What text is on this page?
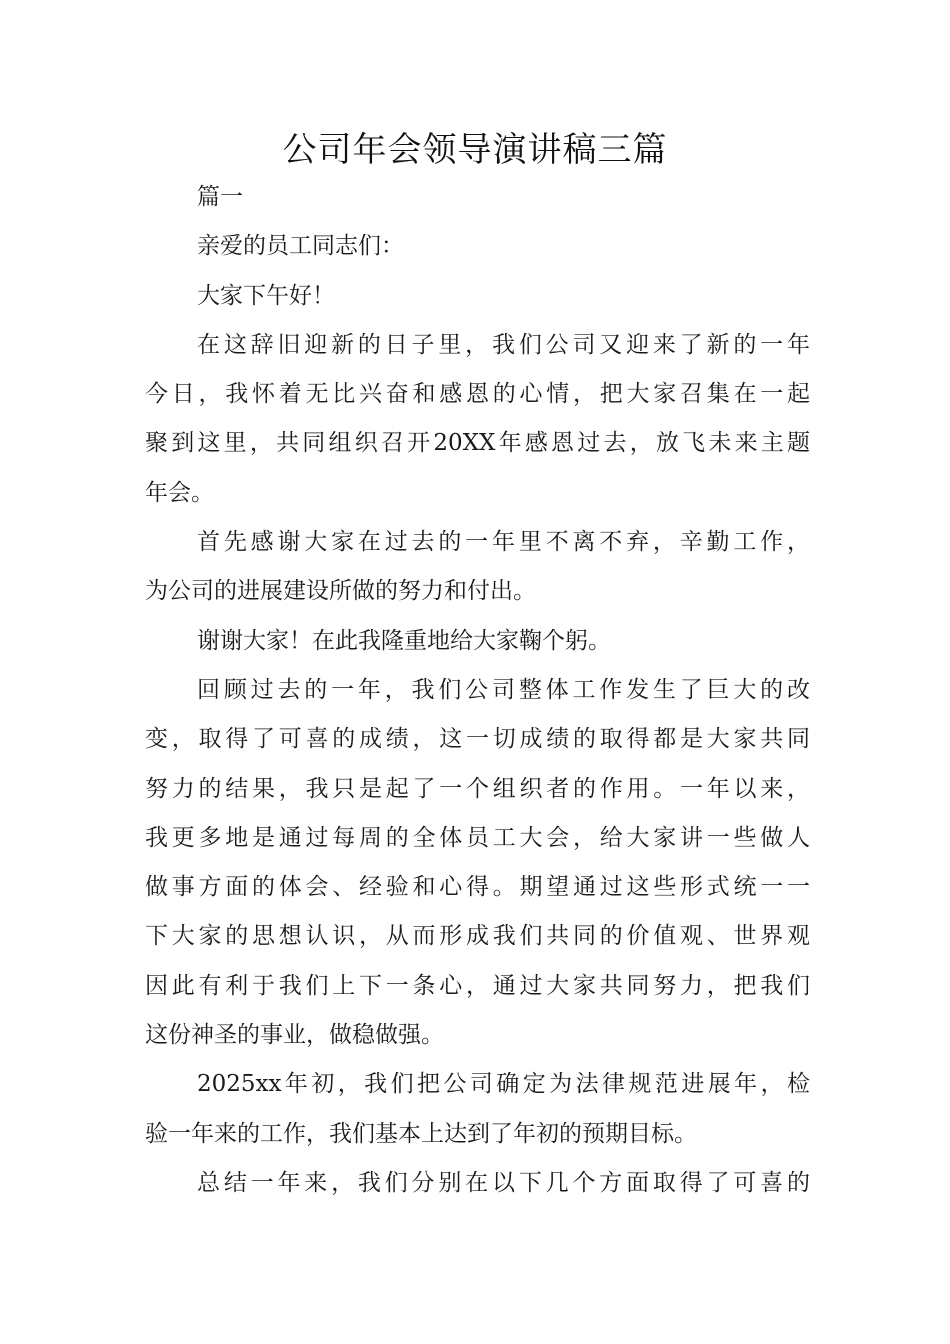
公司年会领导演讲稿三篇
篇一
亲爱的员工同志们：
大家下午好！
在这辞旧迎新的日子里，我们公司又迎来了新的一年
今日，我怀着无比兴奋和感恩的心情，把大家召集在一起
聚到这里，共同组织召开20XX年感恩过去，放飞未来主题
年会。
首先感谢大家在过去的一年里不离不弃，辛勤工作，
为公司的进展建设所做的努力和付出。
谢谢大家！在此我隆重地给大家鞠个躬。
回顾过去的一年，我们公司整体工作发生了巨大的改
变，取得了可喜的成绩，这一切成绩的取得都是大家共同
努力的结果，我只是起了一个组织者的作用。一年以来，
我更多地是通过每周的全体员工大会，给大家讲一些做人
做事方面的体会、经验和心得。期望通过这些形式统一一
下大家的思想认识，从而形成我们共同的价值观、世界观
因此有利于我们上下一条心，通过大家共同努力，把我们
这份神圣的事业，做稳做强。
2025xx年初，我们把公司确定为法律规范进展年，检
验一年来的工作，我们基本上达到了年初的预期目标。
总结一年来，我们分别在以下几个方面取得了可喜的
